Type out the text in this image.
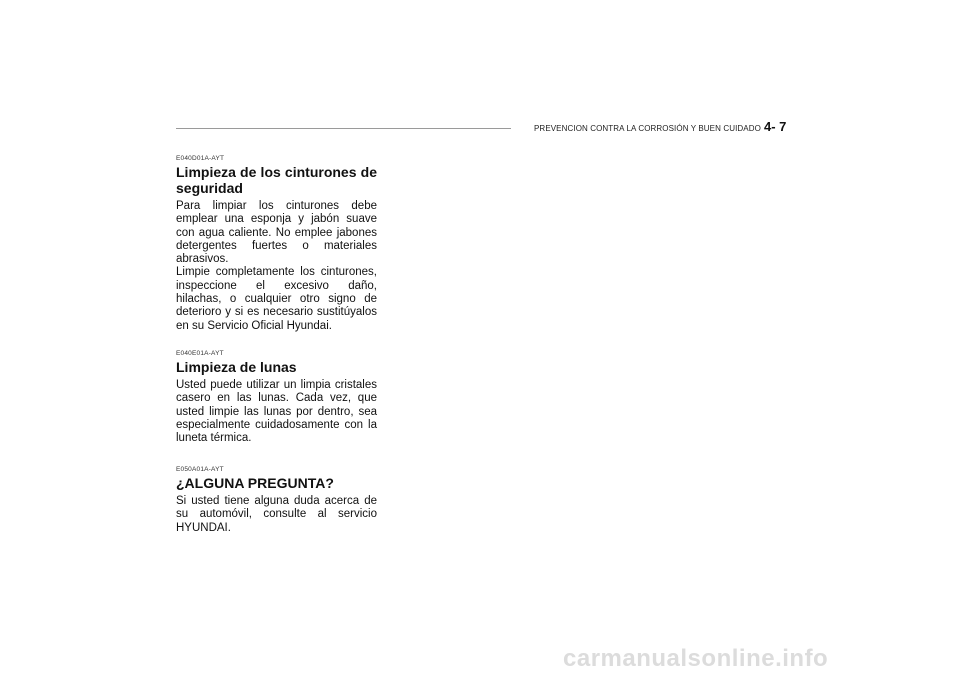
PREVENCION CONTRA LA CORROSIÓN Y BUEN CUIDADO 4- 7

E040D01A-AYT

Limpieza de los cinturones de seguridad

Para limpiar los cinturones debe emplear una esponja y jabón suave con agua caliente. No emplee jabones detergentes fuertes o materiales abrasivos.

Limpie completamente los cinturones, inspeccione el excesivo daño, hilachas, o cualquier otro signo de deterioro y si es necesario sustitúyalos en su Servicio Oficial Hyundai.

E040E01A-AYT

Limpieza de lunas

Usted puede utilizar un limpia cristales casero en las lunas. Cada vez, que usted limpie las lunas por dentro, sea especialmente cuidadosamente con la luneta térmica.

E050A01A-AYT

¿ALGUNA PREGUNTA?

Si usted tiene alguna duda acerca de su automóvil, consulte al servicio HYUNDAI.

carmanualsonline.info
